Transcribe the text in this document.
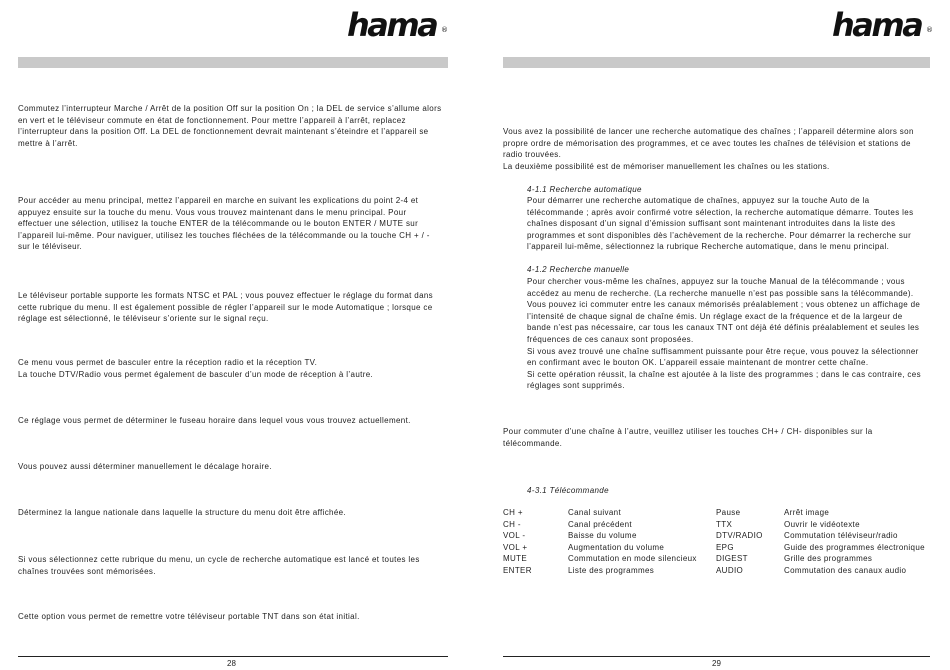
hama ®
Commutez l’interrupteur Marche / Arrêt de la position Off sur la position On ; la DEL de service s’allume alors
en vert et le téléviseur commute en état de fonctionnement. Pour mettre l’appareil à l’arrêt, replacez
l’interrupteur dans la position Off. La DEL de fonctionnement devrait maintenant s’éteindre et l’appareil se
mettre à l’arrêt.
Pour accéder au menu principal, mettez l’appareil en marche en suivant les explications du point 2-4 et
appuyez ensuite sur la touche du menu. Vous vous trouvez maintenant dans le menu principal. Pour
effectuer une sélection, utilisez la touche ENTER de la télécommande ou le bouton ENTER / MUTE sur
l’appareil lui-même. Pour naviguer, utilisez les touches fléchées de la télécommande ou la touche CH + / -
sur le téléviseur.
Le téléviseur portable supporte les formats NTSC et PAL ; vous pouvez effectuer le réglage du format dans
cette rubrique du menu. Il est également possible de régler l’appareil sur le mode Automatique ; lorsque ce
réglage est sélectionné, le téléviseur s’oriente sur le signal reçu.
Ce menu vous permet de basculer entre la réception radio et la réception TV.
La touche DTV/Radio vous permet également de basculer d’un mode de réception à l’autre.
Ce réglage vous permet de déterminer le fuseau horaire dans lequel vous vous trouvez actuellement.
Vous pouvez aussi déterminer manuellement le décalage horaire.
Déterminez la langue nationale dans laquelle la structure du menu doit être affichée.
Si vous sélectionnez cette rubrique du menu, un cycle de recherche automatique est lancé et toutes les
chaînes trouvées sont mémorisées.
Cette option vous permet de remettre votre téléviseur portable TNT dans son état initial.
28
hama ®
Vous avez la possibilité de lancer une recherche automatique des chaînes ; l’appareil détermine alors son
propre ordre de mémorisation des programmes, et ce avec toutes les chaînes de télévision et stations de
radio trouvées.
La deuxième possibilité est de mémoriser manuellement les chaînes ou les stations.
4-1.1 Recherche automatique
Pour démarrer une recherche automatique de chaînes, appuyez sur la touche Auto de la
télécommande ; après avoir confirmé votre sélection, la recherche automatique démarre. Toutes les
chaînes disposant d’un signal d’émission suffisant sont maintenant introduites dans la liste des
programmes et sont disponibles dès l’achèvement de la recherche. Pour démarrer la recherche sur
l’appareil lui-même, sélectionnez la rubrique Recherche automatique, dans le menu principal.
4-1.2 Recherche manuelle
Pour chercher vous-même les chaînes, appuyez sur la touche Manual de la télécommande ; vous
accédez au menu de recherche. (La recherche manuelle n’est pas possible sans la télécommande).
Vous pouvez ici commuter entre les canaux mémorisés préalablement ; vous obtenez un affichage de
l’intensité de chaque signal de chaîne émis. Un réglage exact de la fréquence et de la largeur de
bande n’est pas nécessaire, car tous les canaux TNT ont déjà été définis préalablement et seules les
fréquences de ces canaux sont proposées.
Si vous avez trouvé une chaîne suffisamment puissante pour être reçue, vous pouvez la sélectionner
en confirmant avec le bouton OK. L’appareil essaie maintenant de montrer cette chaîne.
Si cette opération réussit, la chaîne est ajoutée à la liste des programmes ; dans le cas contraire, ces
réglages sont supprimés.
Pour commuter d’une chaîne à l’autre, veuillez utiliser les touches CH+ / CH- disponibles sur la
télécommande.
4-3.1 Télécommande
CH +	Canal suivant	Pause	Arrêt image
CH -	Canal précédent	TTX	Ouvrir le vidéotexte
VOL -	Baisse du volume	DTV/RADIO	Commutation téléviseur/radio
VOL +	Augmentation du volume	EPG	Guide des programmes électronique
MUTE	Commutation en mode silencieux	DIGEST	Grille des programmes
ENTER	Liste des programmes	AUDIO	Commutation des canaux audio
29
